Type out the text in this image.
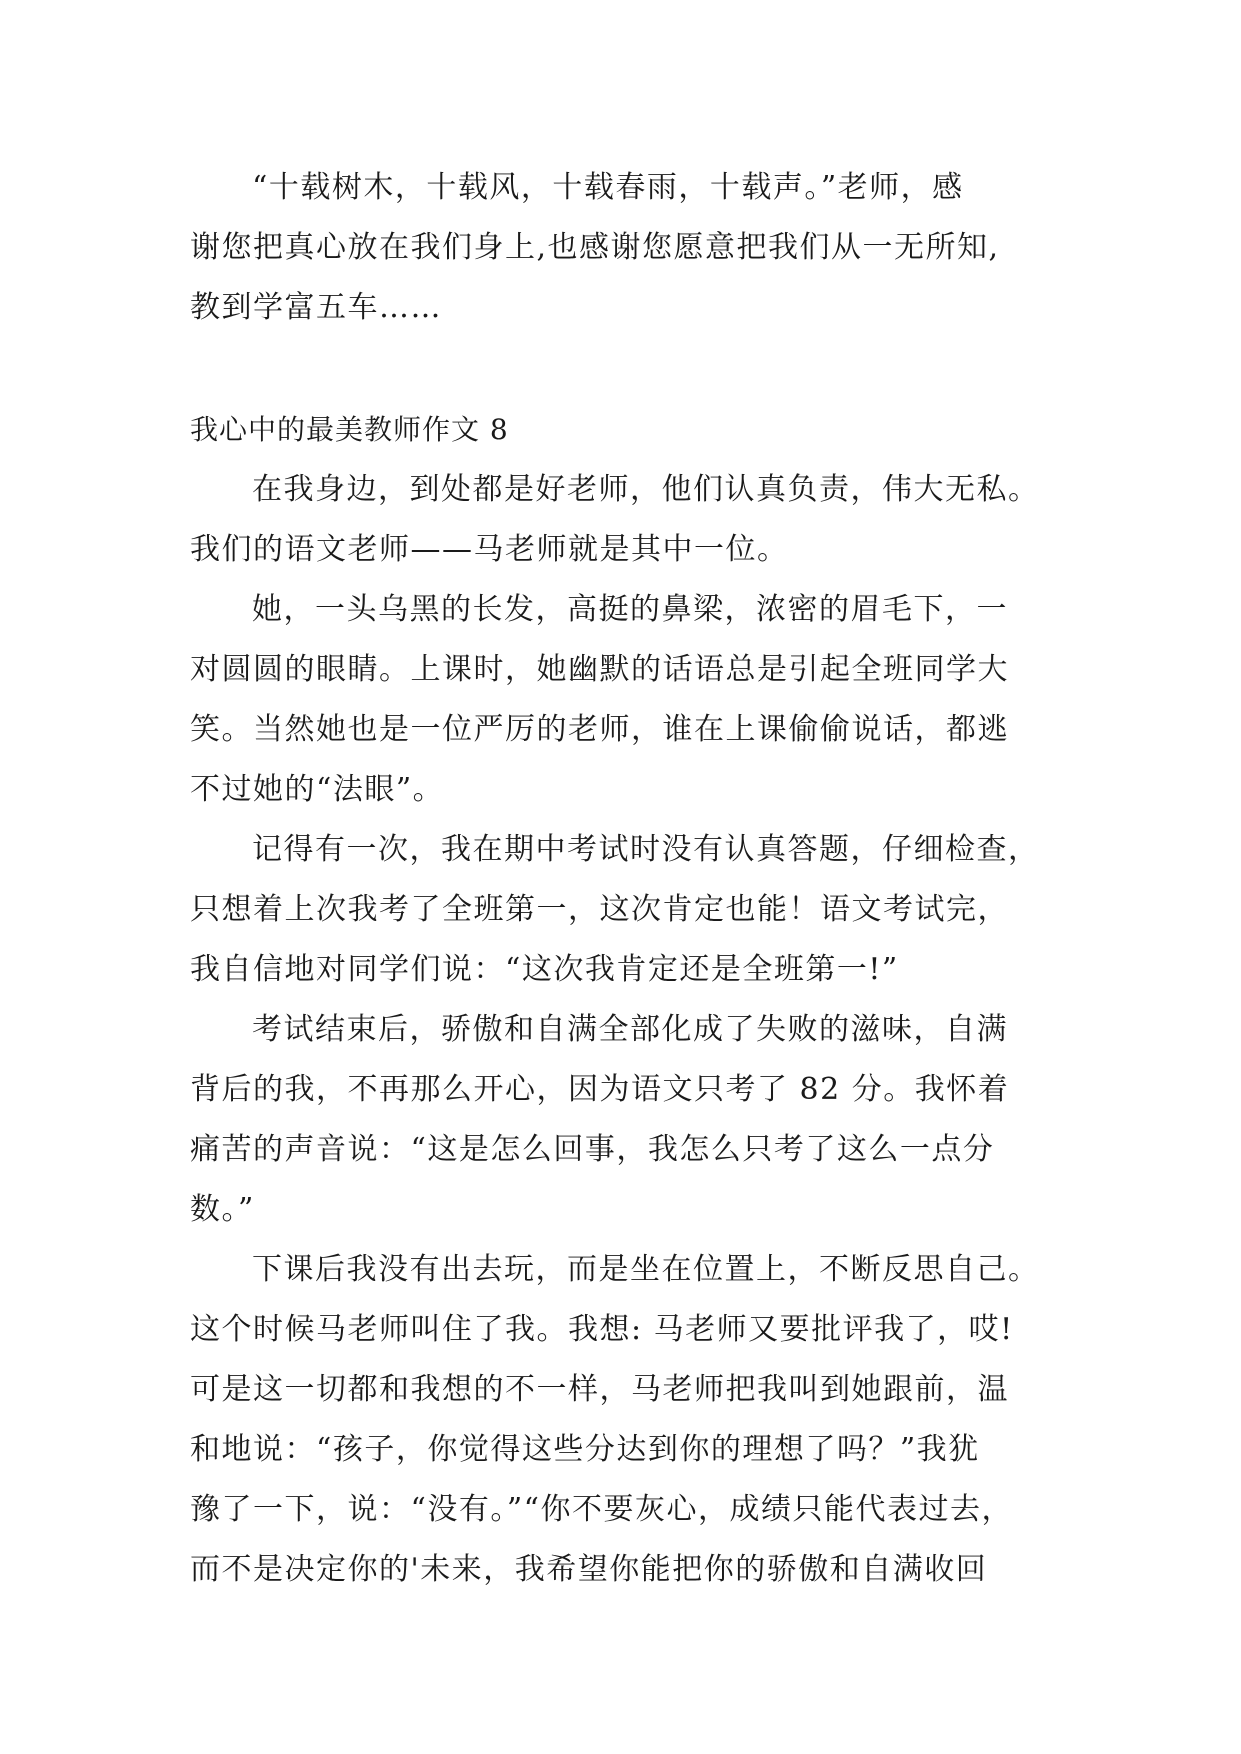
“十载树木，十载风，十载春雨，十载声。”老师，感
谢您把真心放在我们身上,也感谢您愿意把我们从一无所知,
教到学富五车……
我心中的最美教师作文 8
在我身边，到处都是好老师，他们认真负责，伟大无私。
我们的语文老师——马老师就是其中一位。
她，一头乌黑的长发，高挺的鼻梁，浓密的眉毛下，一
对圆圆的眼睛。上课时，她幽默的话语总是引起全班同学大
笑。当然她也是一位严厉的老师，谁在上课偷偷说话，都逃
不过她的“法眼”。
记得有一次，我在期中考试时没有认真答题，仔细检查，
只想着上次我考了全班第一，这次肯定也能！语文考试完，
我自信地对同学们说：“这次我肯定还是全班第一!”
考试结束后，骄傲和自满全部化成了失败的滋味，自满
背后的我，不再那么开心，因为语文只考了 82 分。我怀着
痛苦的声音说：“这是怎么回事，我怎么只考了这么一点分
数。”
下课后我没有出去玩，而是坐在位置上，不断反思自己。
这个时候马老师叫住了我。我想: 马老师又要批评我了，哎!
可是这一切都和我想的不一样，马老师把我叫到她跟前，温
和地说：“孩子，你觉得这些分达到你的理想了吗？”我犹
豫了一下，说：“没有。”“你不要灰心，成绩只能代表过去，
而不是决定你的'未来，我希望你能把你的骄傲和自满收回
